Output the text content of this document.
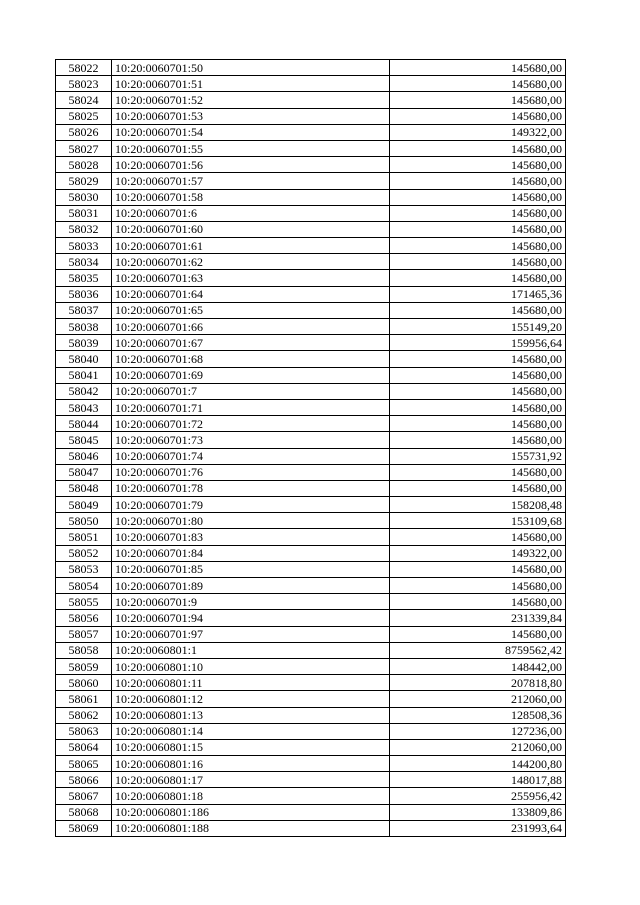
58022	10:20:0060701:50	145680,00
58023	10:20:0060701:51	145680,00
58024	10:20:0060701:52	145680,00
58025	10:20:0060701:53	145680,00
58026	10:20:0060701:54	149322,00
58027	10:20:0060701:55	145680,00
58028	10:20:0060701:56	145680,00
58029	10:20:0060701:57	145680,00
58030	10:20:0060701:58	145680,00
58031	10:20:0060701:6	145680,00
58032	10:20:0060701:60	145680,00
58033	10:20:0060701:61	145680,00
58034	10:20:0060701:62	145680,00
58035	10:20:0060701:63	145680,00
58036	10:20:0060701:64	171465,36
58037	10:20:0060701:65	145680,00
58038	10:20:0060701:66	155149,20
58039	10:20:0060701:67	159956,64
58040	10:20:0060701:68	145680,00
58041	10:20:0060701:69	145680,00
58042	10:20:0060701:7	145680,00
58043	10:20:0060701:71	145680,00
58044	10:20:0060701:72	145680,00
58045	10:20:0060701:73	145680,00
58046	10:20:0060701:74	155731,92
58047	10:20:0060701:76	145680,00
58048	10:20:0060701:78	145680,00
58049	10:20:0060701:79	158208,48
58050	10:20:0060701:80	153109,68
58051	10:20:0060701:83	145680,00
58052	10:20:0060701:84	149322,00
58053	10:20:0060701:85	145680,00
58054	10:20:0060701:89	145680,00
58055	10:20:0060701:9	145680,00
58056	10:20:0060701:94	231339,84
58057	10:20:0060701:97	145680,00
58058	10:20:0060801:1	8759562,42
58059	10:20:0060801:10	148442,00
58060	10:20:0060801:11	207818,80
58061	10:20:0060801:12	212060,00
58062	10:20:0060801:13	128508,36
58063	10:20:0060801:14	127236,00
58064	10:20:0060801:15	212060,00
58065	10:20:0060801:16	144200,80
58066	10:20:0060801:17	148017,88
58067	10:20:0060801:18	255956,42
58068	10:20:0060801:186	133809,86
58069	10:20:0060801:188	231993,64
